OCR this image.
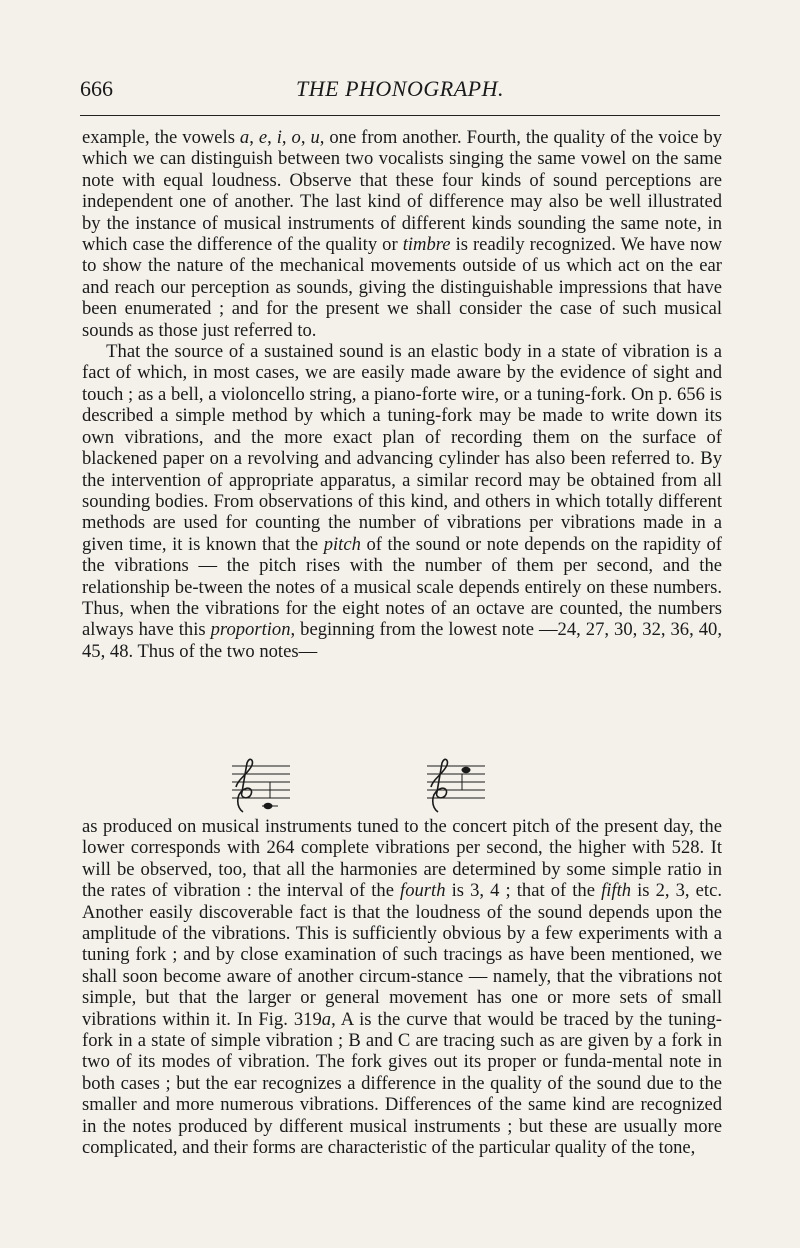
666	THE PHONOGRAPH.

example, the vowels a, e, i, o, u, one from another. Fourth, the quality of the voice by which we can distinguish between two vocalists singing the same vowel on the same note with equal loudness. Observe that these four kinds of sound perceptions are independent one of another. The last kind of difference may also be well illustrated by the instance of musical instruments of different kinds sounding the same note, in which case the difference of the quality or timbre is readily recognized. We have now to show the nature of the mechanical movements outside of us which act on the ear and reach our perception as sounds, giving the distinguishable impressions that have been enumerated ; and for the present we shall consider the case of such musical sounds as those just referred to.

That the source of a sustained sound is an elastic body in a state of vibration is a fact of which, in most cases, we are easily made aware by the evidence of sight and touch ; as a bell, a violoncello string, a piano-forte wire, or a tuning-fork. On p. 656 is described a simple method by which a tuning-fork may be made to write down its own vibrations, and the more exact plan of recording them on the surface of blackened paper on a revolving and advancing cylinder has also been referred to. By the intervention of appropriate apparatus, a similar record may be obtained from all sounding bodies. From observations of this kind, and others in which totally different methods are used for counting the number of vibrations per vibrations made in a given time, it is known that the pitch of the sound or note depends on the rapidity of the vibrations — the pitch rises with the number of them per second, and the relationship be-tween the notes of a musical scale depends entirely on these numbers. Thus, when the vibrations for the eight notes of an octave are counted, the numbers always have this proportion, beginning from the lowest note —24, 27, 30, 32, 36, 40, 45, 48. Thus of the two notes—

as produced on musical instruments tuned to the concert pitch of the present day, the lower corresponds with 264 complete vibrations per second, the higher with 528. It will be observed, too, that all the harmonies are determined by some simple ratio in the rates of vibration : the interval of the fourth is 3, 4 ; that of the fifth is 2, 3, etc. Another easily discoverable fact is that the loudness of the sound depends upon the amplitude of the vibrations. This is sufficiently obvious by a few experiments with a tuning fork ; and by close examination of such tracings as have been mentioned, we shall soon become aware of another circum-stance — namely, that the vibrations not simple, but that the larger or general movement has one or more sets of small vibrations within it. In Fig. 319a, A is the curve that would be traced by the tuning-fork in a state of simple vibration ; B and C are tracing such as are given by a fork in two of its modes of vibration. The fork gives out its proper or funda-mental note in both cases ; but the ear recognizes a difference in the quality of the sound due to the smaller and more numerous vibrations. Differences of the same kind are recognized in the notes produced by different musical instruments ; but these are usually more complicated, and their forms are characteristic of the particular quality of the tone,
